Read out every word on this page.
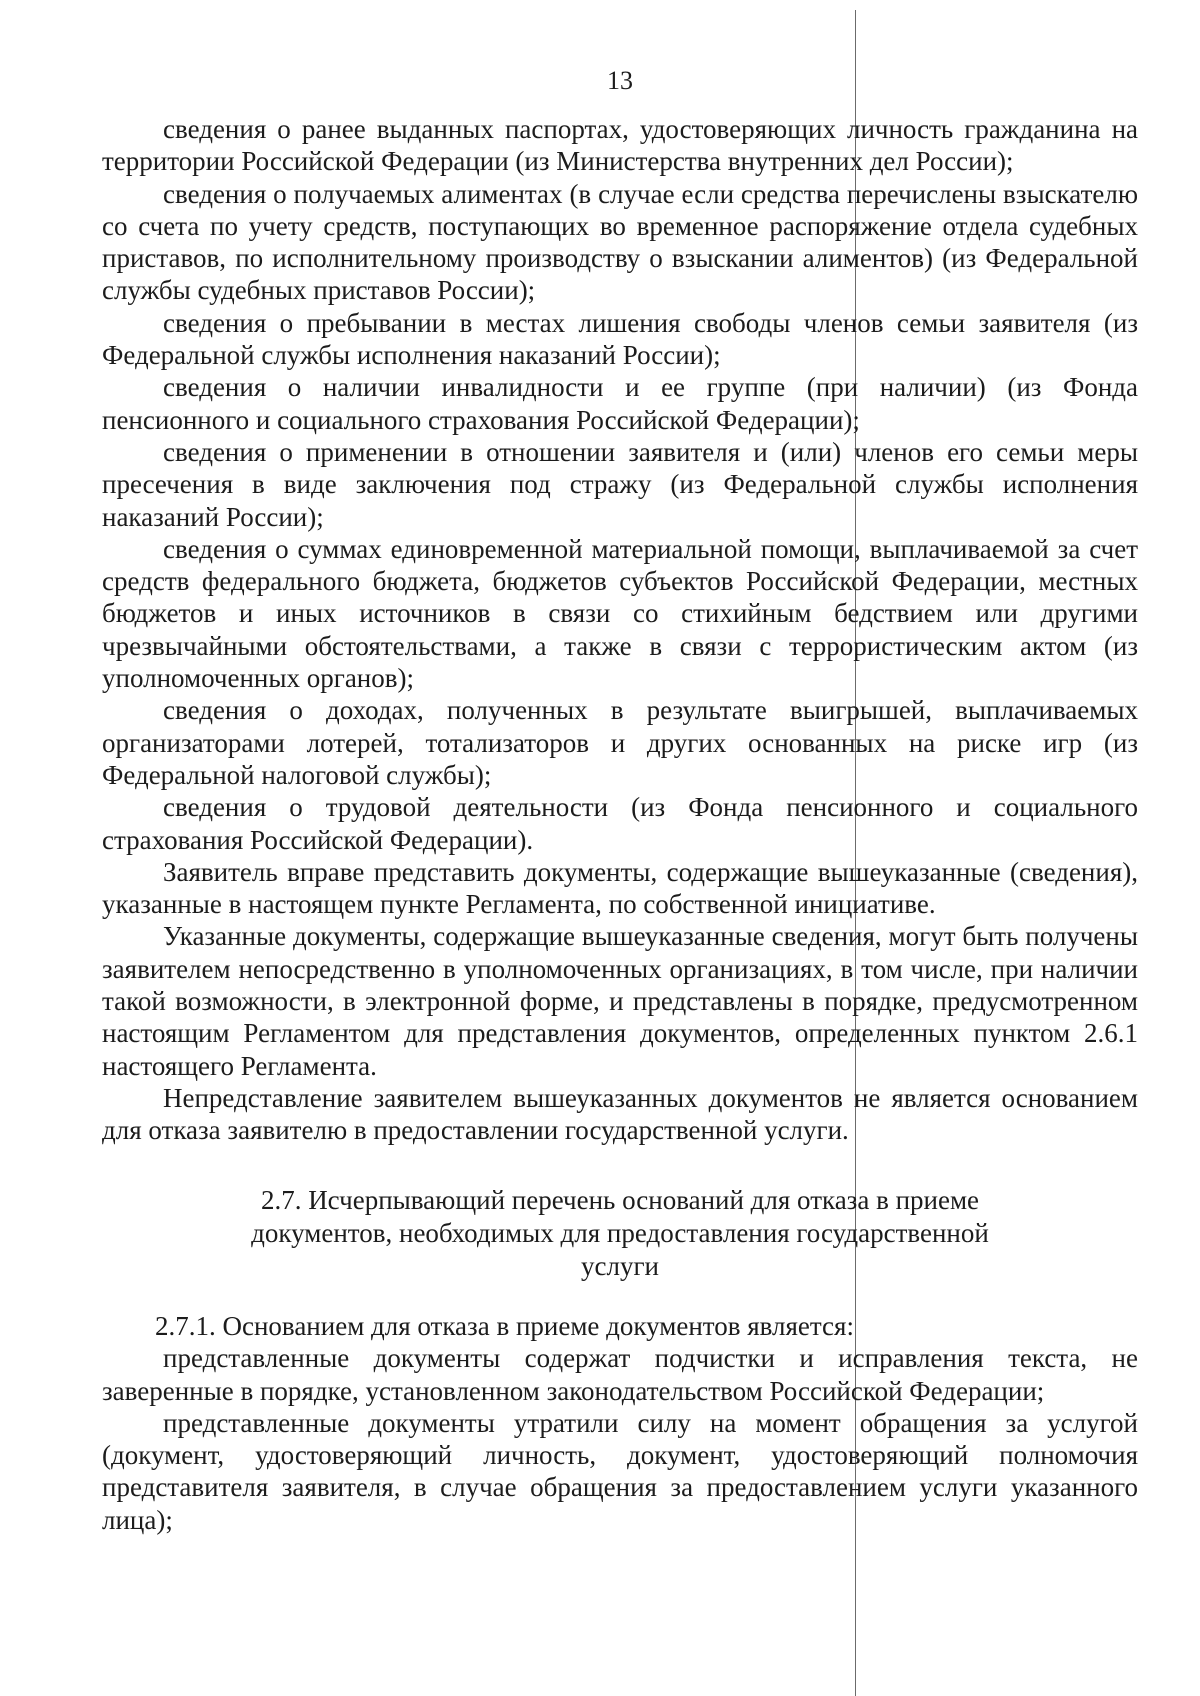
13

сведения о ранее выданных паспортах, удостоверяющих личность гражданина на территории Российской Федерации (из Министерства внутренних дел России);

сведения о получаемых алиментах (в случае если средства перечислены взыскателю со счета по учету средств, поступающих во временное распоряжение отдела судебных приставов, по исполнительному производству о взыскании алиментов) (из Федеральной службы судебных приставов России);

сведения о пребывании в местах лишения свободы членов семьи заявителя (из Федеральной службы исполнения наказаний России);

сведения о наличии инвалидности и ее группе (при наличии) (из Фонда пенсионного и социального страхования Российской Федерации);

сведения о применении в отношении заявителя и (или) членов его семьи меры пресечения в виде заключения под стражу (из Федеральной службы исполнения наказаний России);

сведения о суммах единовременной материальной помощи, выплачиваемой за счет средств федерального бюджета, бюджетов субъектов Российской Федерации, местных бюджетов и иных источников в связи со стихийным бедствием или другими чрезвычайными обстоятельствами, а также в связи с террористическим актом (из уполномоченных органов);

сведения о доходах, полученных в результате выигрышей, выплачиваемых организаторами лотерей, тотализаторов и других основанных на риске игр (из Федеральной налоговой службы);

сведения о трудовой деятельности (из Фонда пенсионного и социального страхования Российской Федерации).

Заявитель вправе представить документы, содержащие вышеуказанные (сведения), указанные в настоящем пункте Регламента, по собственной инициативе.

Указанные документы, содержащие вышеуказанные сведения, могут быть получены заявителем непосредственно в уполномоченных организациях, в том числе, при наличии такой возможности, в электронной форме, и представлены в порядке, предусмотренном настоящим Регламентом для представления документов, определенных пунктом 2.6.1 настоящего Регламента.

Непредставление заявителем вышеуказанных документов не является основанием для отказа заявителю в предоставлении государственной услуги.

2.7. Исчерпывающий перечень оснований для отказа в приеме
документов, необходимых для предоставления государственной
услуги

2.7.1. Основанием для отказа в приеме документов является:

представленные документы содержат подчистки и исправления текста, не заверенные в порядке, установленном законодательством Российской Федерации;

представленные документы утратили силу на момент обращения за услугой (документ, удостоверяющий личность, документ, удостоверяющий полномочия представителя заявителя, в случае обращения за предоставлением услуги указанного лица);
